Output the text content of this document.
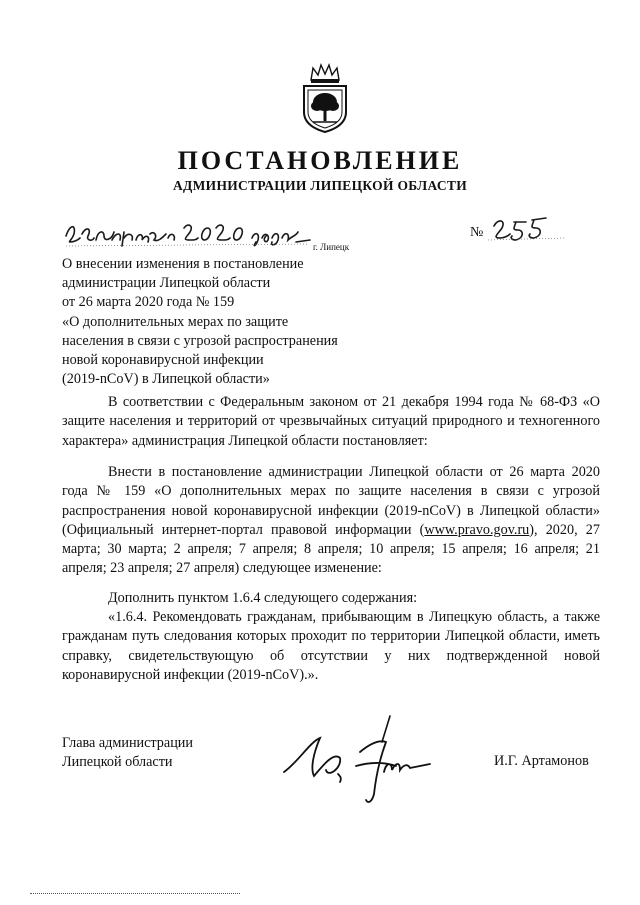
ПОСТАНОВЛЕНИЕ
АДМИНИСТРАЦИИ ЛИПЕЦКОЙ ОБЛАСТИ
г. Липецк
№
О внесении изменения в постановление
администрации Липецкой области
от 26 марта 2020 года № 159
«О дополнительных мерах по защите
населения в связи с угрозой распространения
новой коронавирусной инфекции
(2019-nCoV) в Липецкой области»
В соответствии с Федеральным законом от 21 декабря 1994 года № 68-ФЗ «О защите населения и территорий от чрезвычайных ситуаций природного и техногенного характера» администрация Липецкой области постановляет:
Внести в постановление администрации Липецкой области от 26 марта 2020 года № 159 «О дополнительных мерах по защите населения в связи с угрозой распространения новой коронавирусной инфекции (2019-nCoV) в Липецкой области» (Официальный интернет-портал правовой информации (www.pravo.gov.ru), 2020, 27 марта; 30 марта; 2 апреля; 7 апреля; 8 апреля; 10 апреля; 15 апреля; 16 апреля; 21 апреля; 23 апреля; 27 апреля) следующее изменение:
Дополнить пунктом 1.6.4 следующего содержания:
«1.6.4. Рекомендовать гражданам, прибывающим в Липецкую область, а также гражданам путь следования которых проходит по территории Липецкой области, иметь справку, свидетельствующую об отсутствии у них подтвержденной новой коронавирусной инфекции (2019-nCoV).».
Глава администрации
Липецкой области	И.Г. Артамонов
